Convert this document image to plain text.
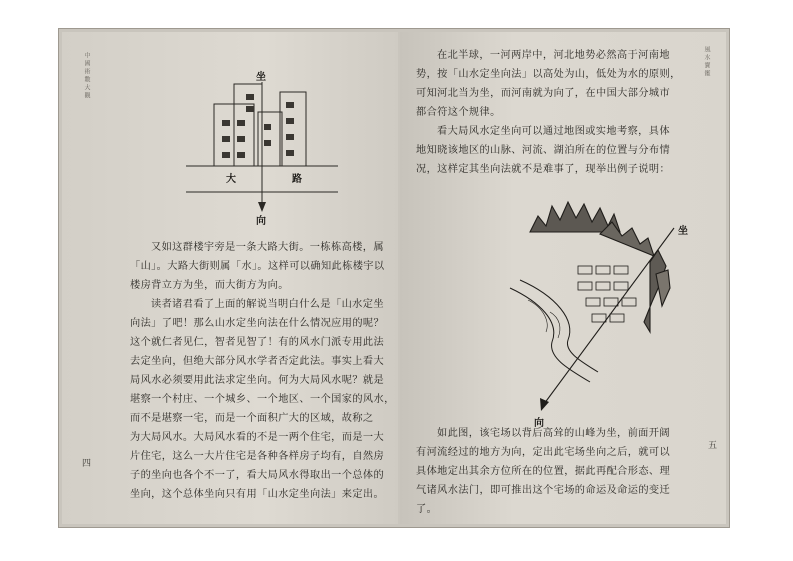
中國術數大觀	坐
大	路
向

又如这群楼宇旁是一条大路大街。一栋栋高楼，属

「山」。大路大街则属「水」。这样可以确知此栋楼宇以

楼房背立方为坐，而大街方为向。

读者诸君看了上面的解说当明白什么是「山水定坐

向法」了吧！那么山水定坐向法在什么情况应用的呢？

这个就仁者见仁，智者见智了！有的风水门派专用此法

去定坐向，但绝大部分风水学者否定此法。事实上看大

局风水必须要用此法求定坐向。何为大局风水呢？就是

堪察一个村庄、一个城乡、一个地区、一个国家的风水，

而不是堪察一宅，而是一个面积广大的区域，故称之

为大局风水。大局风水看的不是一两个住宅，而是一大

片住宅，这么一大片住宅是各种各样房子均有，自然房

子的坐向也各个不一了，看大局风水得取出一个总体的

坐向，这个总体坐向只有用「山水定坐向法」来定出。

四
風水寶鑑

在北半球，一河两岸中，河北地势必然高于河南地

势，按「山水定坐向法」以高处为山，低处为水的原则，

可知河北当为坐，而河南就为向了，在中国大部分城市

都合符这个规律。

看大局风水定坐向可以通过地图或实地考察，具体

地知晓该地区的山脉、河流、湖泊所在的位置与分布情

况，这样定其坐向法就不是难事了，现举出例子说明：

坐
向

如此图，该宅场以背后高耸的山峰为坐，前面开阔

有河流经过的地方为向，定出此宅场坐向之后，就可以

具体地定出其余方位所在的位置，据此再配合形态、理

气诸风水法门，即可推出这个宅场的命运及命运的变迁

了。

五
